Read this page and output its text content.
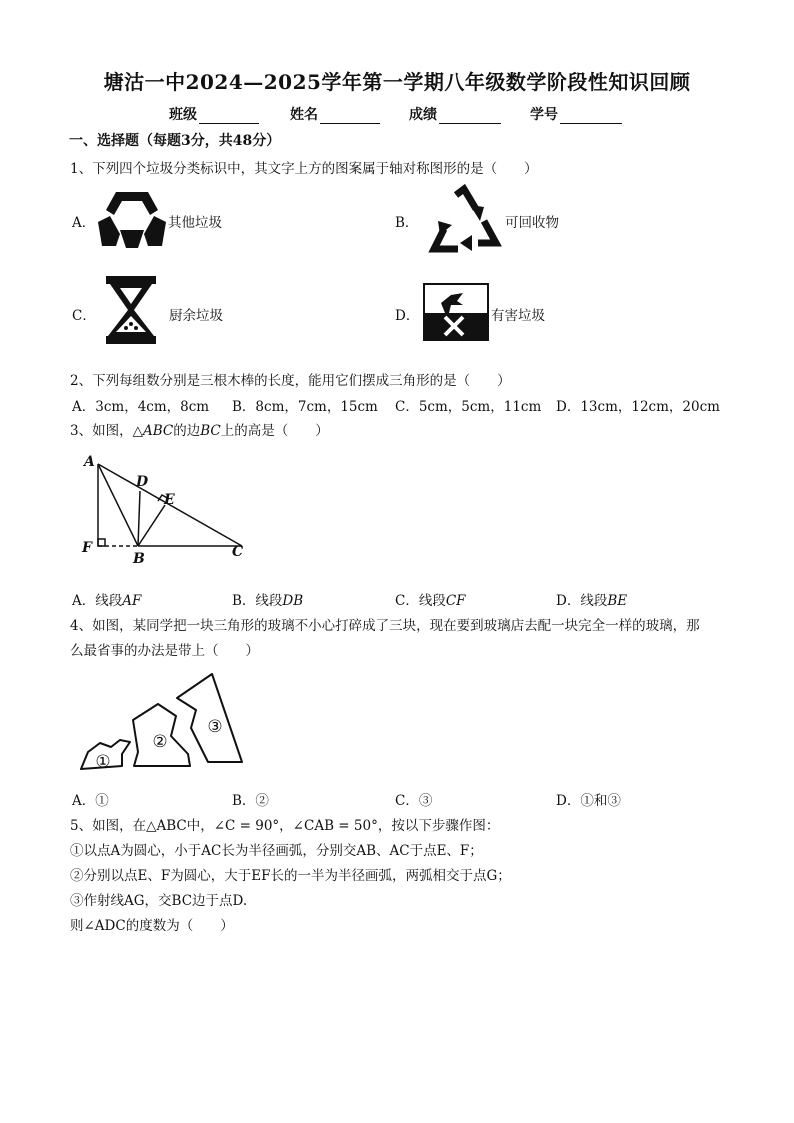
塘沽一中2024—2025学年第一学期八年级数学阶段性知识回顾
班级	姓名	成绩	学号
一、选择题（每题3分，共48分）
1、下列四个垃圾分类标识中，其文字上方的图案属于轴对称图形的是（　　）
A．	其他垃圾	B．	可回收物
C．	厨余垃圾	D．	有害垃圾
2、下列每组数分别是三根木棒的长度，能用它们摆成三角形的是（　　）
A．3cm，4cm，8cm B．8cm，7cm，15cm C．5cm，5cm，11cm D．13cm，12cm，20cm
3、如图，△ABC的边BC上的高是（　　）
A
D
E
F
B	C
A．线段AF	B．线段DB	C．线段CF	D．线段BE
4、如图，某同学把一块三角形的玻璃不小心打碎成了三块，现在要到玻璃店去配一块完全一样的玻璃，那
么最省事的办法是带上（　　）
①
②
③
A．①	B．②	C．③	D．①和③
5、如图，在△ABC中，∠C = 90°，∠CAB = 50°，按以下步骤作图：
①以点A为圆心，小于AC长为半径画弧，分别交AB、AC于点E、F；
②分别以点E、F为圆心，大于EF长的一半为半径画弧，两弧相交于点G；
③作射线AG，交BC边于点D.
则∠ADC的度数为（　　）
